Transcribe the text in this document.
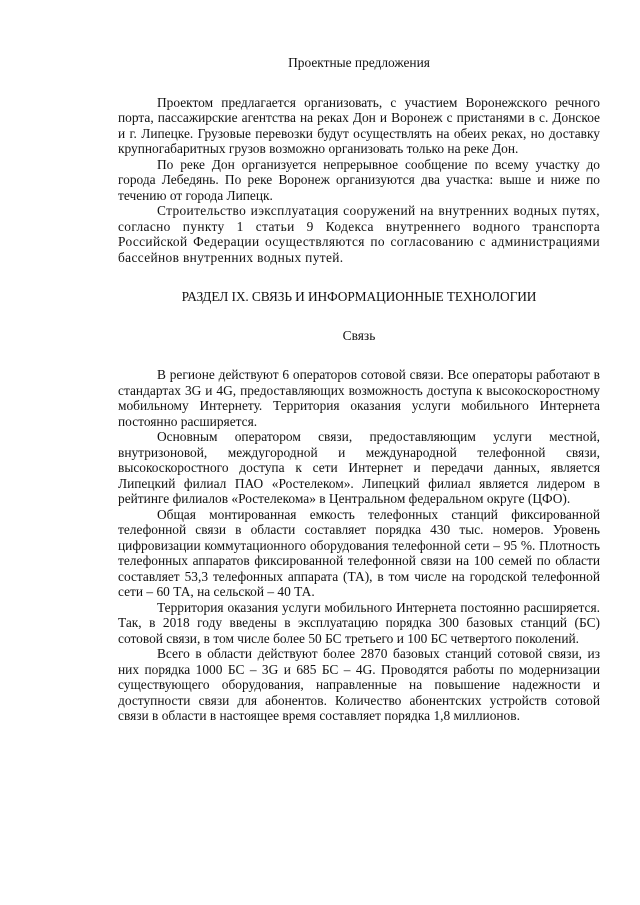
Проектные предложения

Проектом предлагается организовать, с участием Воронежского речного порта, пассажирские агентства на реках Дон и Воронеж с пристанями в с. Донское и г. Липецке. Грузовые перевозки будут осуществлять на обеих реках, но доставку крупногабаритных грузов возможно организовать только на реке Дон.

По реке Дон организуется непрерывное сообщение по всему участку до города Лебедянь. По реке Воронеж организуются два участка: выше и ниже по течению от города Липецк.

Строительство иэксплуатация сооружений на внутренних водных путях, согласно пункту 1 статьи 9 Кодекса внутреннего водного транспорта Российской Федерации осуществляются по согласованию с администрациями бассейнов внутренних водных путей.

РАЗДЕЛ IX. СВЯЗЬ И ИНФОРМАЦИОННЫЕ ТЕХНОЛОГИИ

Связь

В регионе действуют 6 операторов сотовой связи. Все операторы работают в стандартах 3G и 4G, предоставляющих возможность доступа к высокоскоростному мобильному Интернету. Территория оказания услуги мобильного Интернета постоянно расширяется.

Основным оператором связи, предоставляющим услуги местной, внутризоновой, междугородной и международной телефонной связи, высокоскоростного доступа к сети Интернет и передачи данных, является Липецкий филиал ПАО «Ростелеком». Липецкий филиал является лидером в рейтинге филиалов «Ростелекома» в Центральном федеральном округе (ЦФО).

Общая монтированная емкость телефонных станций фиксированной телефонной связи в области составляет порядка 430 тыс. номеров. Уровень цифровизации коммутационного оборудования телефонной сети – 95 %. Плотность телефонных аппаратов фиксированной телефонной связи на 100 семей по области составляет 53,3 телефонных аппарата (ТА), в том числе на городской телефонной сети – 60 ТА, на сельской – 40 ТА.

Территория оказания услуги мобильного Интернета постоянно расширяется. Так, в 2018 году введены в эксплуатацию порядка 300 базовых станций (БС) сотовой связи, в том числе более 50 БС третьего и 100 БС четвертого поколений.

Всего в области действуют более 2870 базовых станций сотовой связи, из них порядка 1000 БС – 3G и 685 БС – 4G. Проводятся работы по модернизации существующего оборудования, направленные на повышение надежности и доступности связи для абонентов. Количество абонентских устройств сотовой связи в области в настоящее время составляет порядка 1,8 миллионов.
